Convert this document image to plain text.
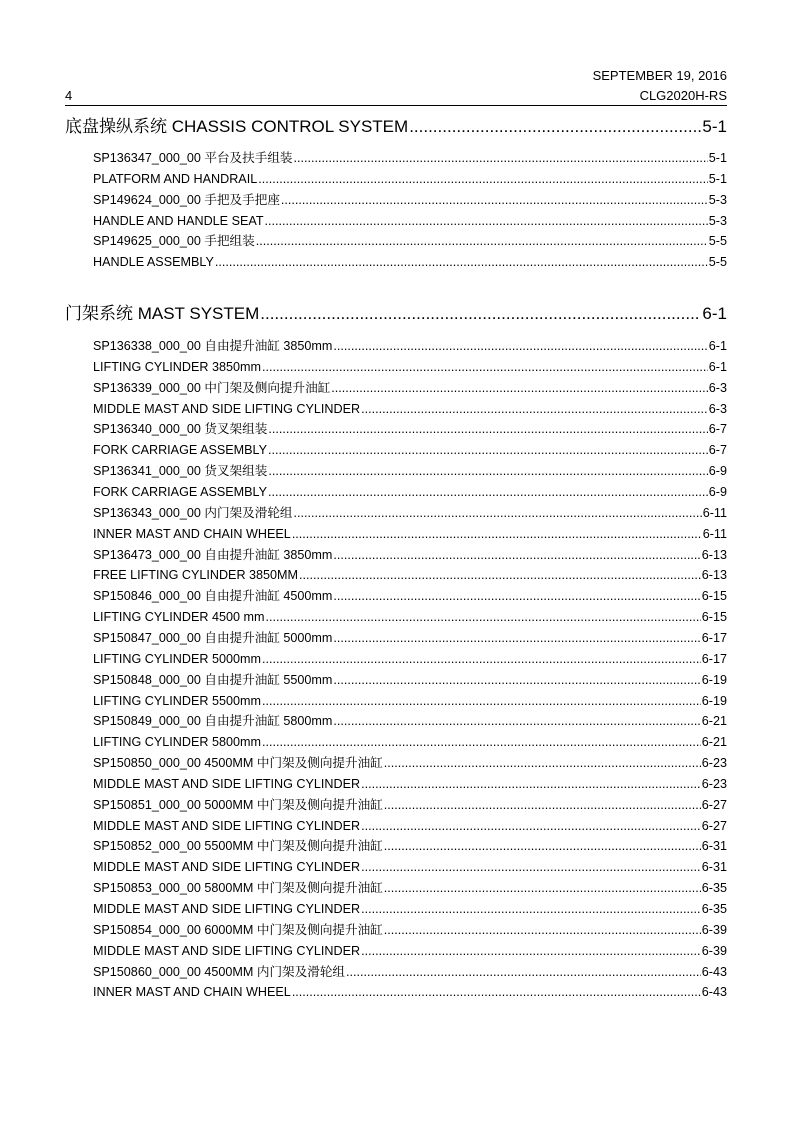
4
SEPTEMBER 19, 2016
CLG2020H-RS
底盘操纵系统 CHASSIS CONTROL SYSTEM .....	5-1
SP136347_000_00 平台及扶手组装 .....	5-1
PLATFORM AND HANDRAIL .....	5-1
SP149624_000_00 手把及手把座 .....	5-3
HANDLE AND HANDLE SEAT .....	5-3
SP149625_000_00 手把组装 .....	5-5
HANDLE ASSEMBLY .....	5-5
门架系统 MAST SYSTEM .....	6-1
SP136338_000_00 自由提升油缸 3850mm .....	6-1
LIFTING CYLINDER 3850mm .....	6-1
SP136339_000_00 中门架及侧向提升油缸 .....	6-3
MIDDLE MAST AND SIDE LIFTING CYLINDER .....	6-3
SP136340_000_00 货叉架组装 .....	6-7
FORK CARRIAGE ASSEMBLY .....	6-7
SP136341_000_00 货叉架组装 .....	6-9
FORK CARRIAGE ASSEMBLY .....	6-9
SP136343_000_00 内门架及滑轮组 .....	6-11
INNER MAST AND CHAIN WHEEL .....	6-11
SP136473_000_00 自由提升油缸 3850mm .....	6-13
FREE LIFTING CYLINDER 3850MM .....	6-13
SP150846_000_00 自由提升油缸 4500mm .....	6-15
LIFTING CYLINDER 4500 mm .....	6-15
SP150847_000_00 自由提升油缸 5000mm .....	6-17
LIFTING CYLINDER 5000mm .....	6-17
SP150848_000_00 自由提升油缸 5500mm .....	6-19
LIFTING CYLINDER 5500mm .....	6-19
SP150849_000_00 自由提升油缸 5800mm .....	6-21
LIFTING CYLINDER 5800mm .....	6-21
SP150850_000_00 4500MM 中门架及侧向提升油缸 .....	6-23
MIDDLE MAST AND SIDE LIFTING CYLINDER .....	6-23
SP150851_000_00 5000MM 中门架及侧向提升油缸 .....	6-27
MIDDLE MAST AND SIDE LIFTING CYLINDER .....	6-27
SP150852_000_00 5500MM 中门架及侧向提升油缸 .....	6-31
MIDDLE MAST AND SIDE LIFTING CYLINDER .....	6-31
SP150853_000_00 5800MM 中门架及侧向提升油缸 .....	6-35
MIDDLE MAST AND SIDE LIFTING CYLINDER .....	6-35
SP150854_000_00 6000MM 中门架及侧向提升油缸 .....	6-39
MIDDLE MAST AND SIDE LIFTING CYLINDER .....	6-39
SP150860_000_00 4500MM 内门架及滑轮组 .....	6-43
INNER MAST AND CHAIN WHEEL .....	6-43
